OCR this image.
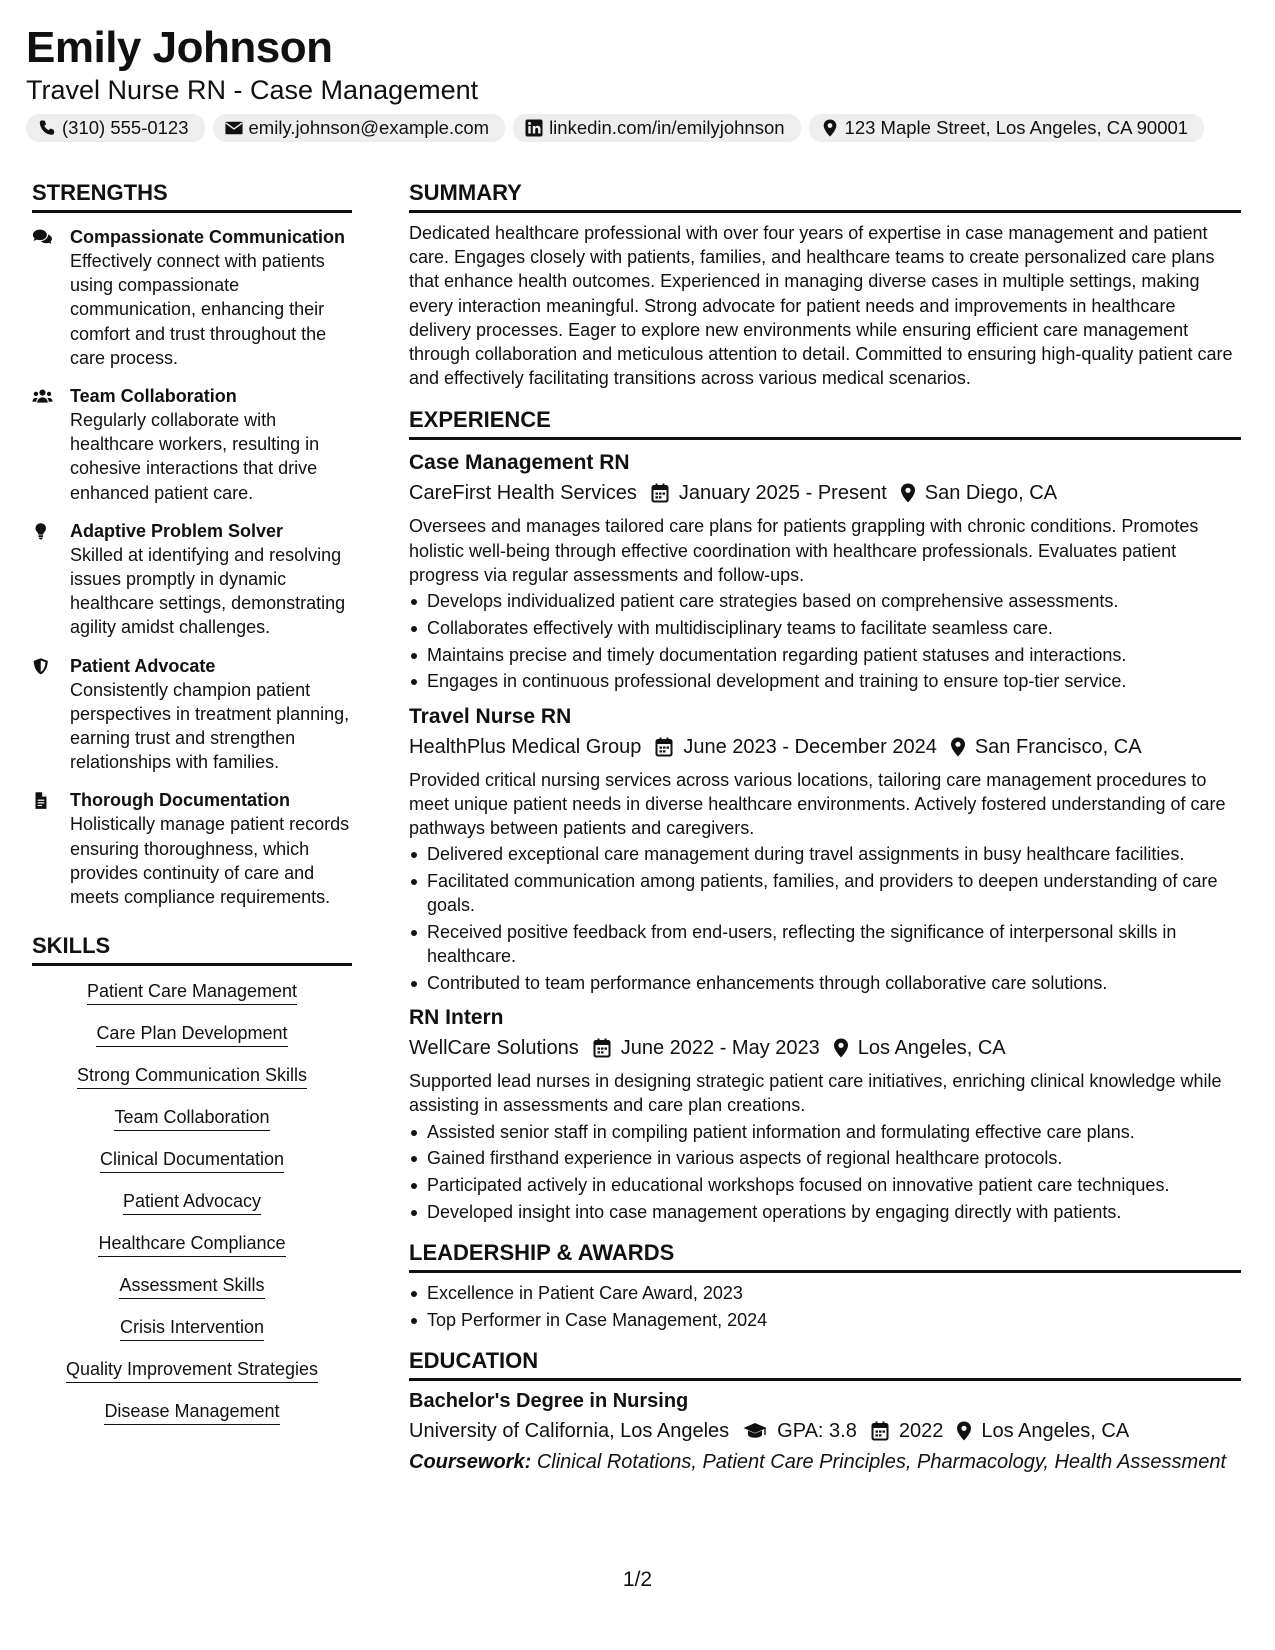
Emily Johnson
Travel Nurse RN - Case Management
(310) 555-0123	emily.johnson@example.com	linkedin.com/in/emilyjohnson	123 Maple Street, Los Angeles, CA 90001
STRENGTHS
Compassionate Communication
Effectively connect with patients using compassionate communication, enhancing their comfort and trust throughout the care process.
Team Collaboration
Regularly collaborate with healthcare workers, resulting in cohesive interactions that drive enhanced patient care.
Adaptive Problem Solver
Skilled at identifying and resolving issues promptly in dynamic healthcare settings, demonstrating agility amidst challenges.
Patient Advocate
Consistently champion patient perspectives in treatment planning, earning trust and strengthen relationships with families.
Thorough Documentation
Holistically manage patient records ensuring thoroughness, which provides continuity of care and meets compliance requirements.
SKILLS
Patient Care Management
Care Plan Development
Strong Communication Skills
Team Collaboration
Clinical Documentation
Patient Advocacy
Healthcare Compliance
Assessment Skills
Crisis Intervention
Quality Improvement Strategies
Disease Management
SUMMARY
Dedicated healthcare professional with over four years of expertise in case management and patient care. Engages closely with patients, families, and healthcare teams to create personalized care plans that enhance health outcomes. Experienced in managing diverse cases in multiple settings, making every interaction meaningful. Strong advocate for patient needs and improvements in healthcare delivery processes. Eager to explore new environments while ensuring efficient care management through collaboration and meticulous attention to detail. Committed to ensuring high-quality patient care and effectively facilitating transitions across various medical scenarios.
EXPERIENCE
Case Management RN
CareFirst Health Services January 2025 - Present San Diego, CA
Oversees and manages tailored care plans for patients grappling with chronic conditions. Promotes holistic well-being through effective coordination with healthcare professionals. Evaluates patient progress via regular assessments and follow-ups.
Develops individualized patient care strategies based on comprehensive assessments.
Collaborates effectively with multidisciplinary teams to facilitate seamless care.
Maintains precise and timely documentation regarding patient statuses and interactions.
Engages in continuous professional development and training to ensure top-tier service.
Travel Nurse RN
HealthPlus Medical Group June 2023 - December 2024 San Francisco, CA
Provided critical nursing services across various locations, tailoring care management procedures to meet unique patient needs in diverse healthcare environments. Actively fostered understanding of care pathways between patients and caregivers.
Delivered exceptional care management during travel assignments in busy healthcare facilities.
Facilitated communication among patients, families, and providers to deepen understanding of care goals.
Received positive feedback from end-users, reflecting the significance of interpersonal skills in healthcare.
Contributed to team performance enhancements through collaborative care solutions.
RN Intern
WellCare Solutions June 2022 - May 2023 Los Angeles, CA
Supported lead nurses in designing strategic patient care initiatives, enriching clinical knowledge while assisting in assessments and care plan creations.
Assisted senior staff in compiling patient information and formulating effective care plans.
Gained firsthand experience in various aspects of regional healthcare protocols.
Participated actively in educational workshops focused on innovative patient care techniques.
Developed insight into case management operations by engaging directly with patients.
LEADERSHIP & AWARDS
Excellence in Patient Care Award, 2023
Top Performer in Case Management, 2024
EDUCATION
Bachelor's Degree in Nursing
University of California, Los Angeles GPA: 3.8 2022 Los Angeles, CA
Coursework: Clinical Rotations, Patient Care Principles, Pharmacology, Health Assessment
1/2
